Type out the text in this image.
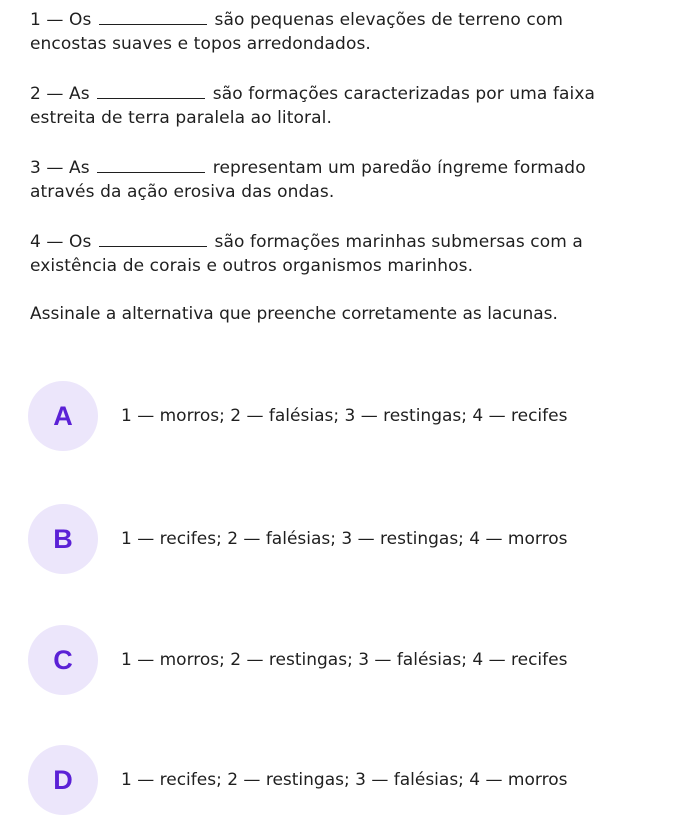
1 — Os	são pequenas elevações de terreno com
encostas suaves e topos arredondados.

2 — As	são formações caracterizadas por uma faixa
estreita de terra paralela ao litoral.

3 — As	representam um paredão íngreme formado
através da ação erosiva das ondas.

4 — Os	são formações marinhas submersas com a
existência de corais e outros organismos marinhos.

Assinale a alternativa que preenche corretamente as lacunas.

A	1 — morros; 2 — falésias; 3 — restingas; 4 — recifes
B	1 — recifes; 2 — falésias; 3 — restingas; 4 — morros
C	1 — morros; 2 — restingas; 3 — falésias; 4 — recifes
D	1 — recifes; 2 — restingas; 3 — falésias; 4 — morros
